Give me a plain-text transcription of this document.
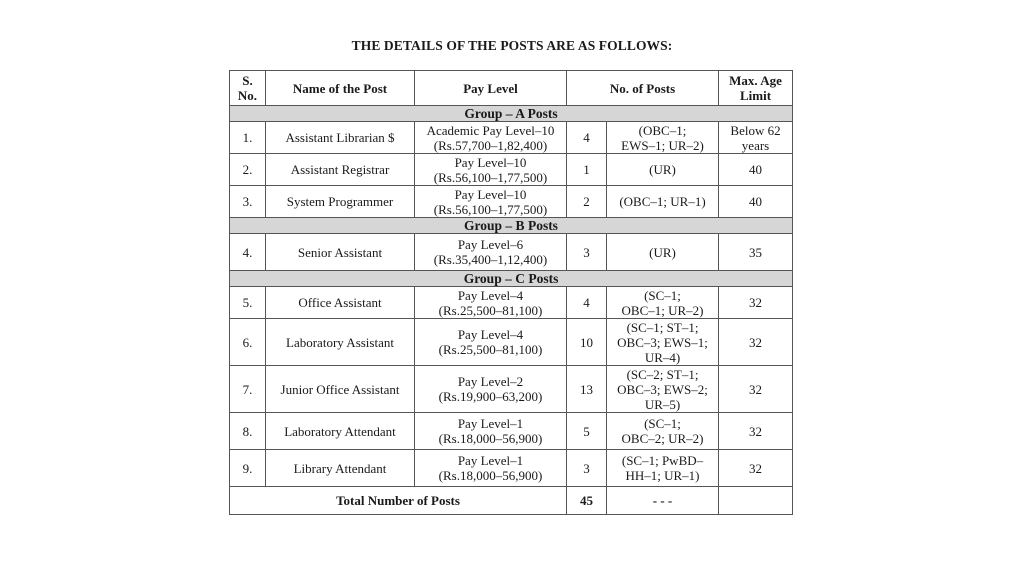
THE DETAILS OF THE POSTS ARE AS FOLLOWS:
S. No.	Name of the Post	Pay Level	No. of Posts		Max. Age Limit
Group – A Posts					
1.	Assistant Librarian $	Academic Pay Level–10
(Rs.57,700–1,82,400)	4	(OBC–1;
EWS–1; UR–2)	Below 62
years

2.	Assistant Registrar	Pay Level–10
(Rs.56,100–1,77,500)	1	(UR)	40
3.	System Programmer	Pay Level–10
(Rs.56,100–1,77,500)	2	(OBC–1; UR–1)	40
Group – B Posts					
4.	Senior Assistant	Pay Level–6
(Rs.35,400–1,12,400)	3	(UR)	35
Group – C Posts					
5.	Office Assistant	Pay Level–4
(Rs.25,500–81,100)	4	(SC–1;
OBC–1; UR–2)	32
6.	Laboratory Assistant	Pay Level–4
(Rs.25,500–81,100)	10	(SC–1; ST–1;
OBC–3; EWS–1;
UR–4)	32
7.	Junior Office Assistant	Pay Level–2
(Rs.19,900–63,200)	13	(SC–2; ST–1;
OBC–3; EWS–2;
UR–5)	32
8.	Laboratory Attendant	Pay Level–1
(Rs.18,000–56,900)	5	(SC–1;
OBC–2; UR–2)	32
9.	Library Attendant	Pay Level–1
(Rs.18,000–56,900)	3	(SC–1; PwBD–
HH–1; UR–1)	32
Total Number of Posts			45	- - -	
